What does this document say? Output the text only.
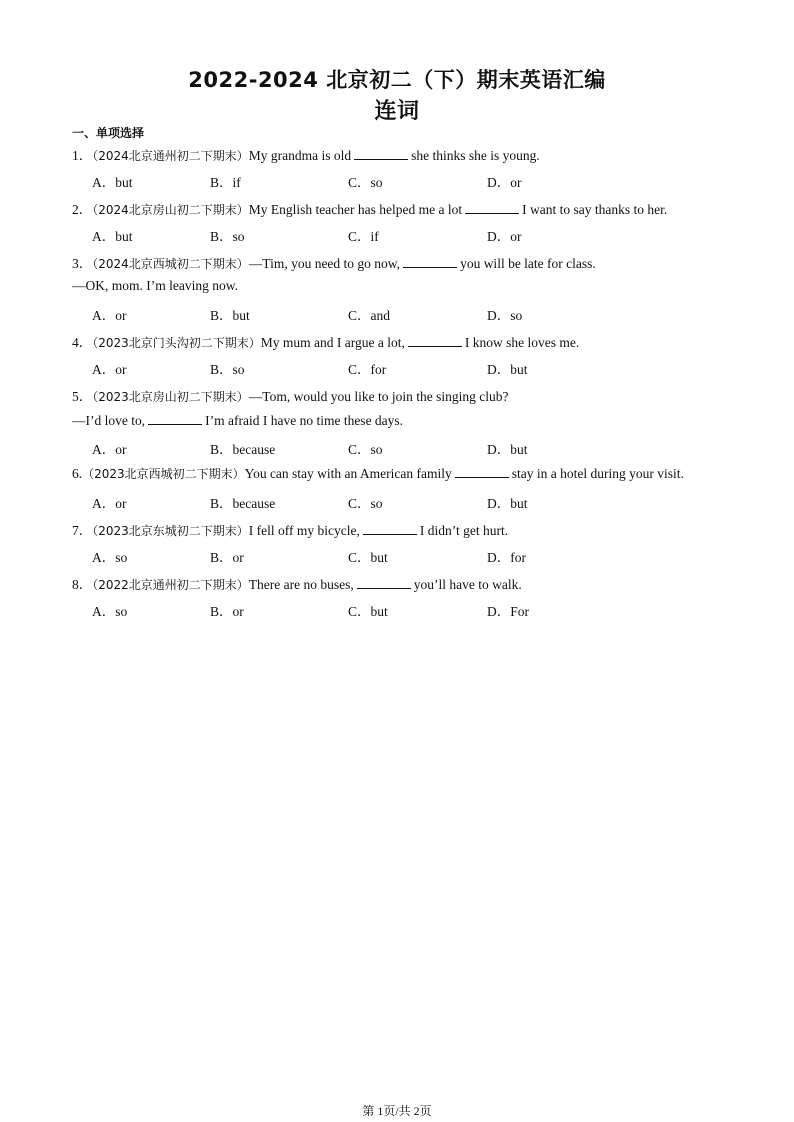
2022-2024 北京初二（下）期末英语汇编
连词
一、单项选择
1．（2024北京通州初二下期末）My grandma is old	she thinks she is young.
A．but	B．if	C．so	D．or
2．（2024北京房山初二下期末）My English teacher has helped me a lot	I want to say thanks to her.
A．but	B．so	C．if	D．or
3．（2024北京西城初二下期末）—Tim, you need to go now,	you will be late for class.
—OK, mom. I’m leaving now.
A．or	B．but	C．and	D．so
4．（2023北京门头沟初二下期末）My mum and I argue a lot,	I know she loves me.
A．or	B．so	C．for	D．but
5．（2023北京房山初二下期末）—Tom, would you like to join the singing club?
—I’d love to,	I’m afraid I have no time these days.
A．or	B．because	C．so	D．but
6.（2023北京西城初二下期末）You can stay with an American family	stay in a hotel during your visit.
A．or	B．because	C．so	D．but
7．（2023北京东城初二下期末）I fell off my bicycle,	I didn’t get hurt.
A．so	B．or	C．but	D．for
8．（2022北京通州初二下期末）There are no buses,	you’ll have to walk.
A．so	B．or	C．but	D．For
第 1页/共 2页
